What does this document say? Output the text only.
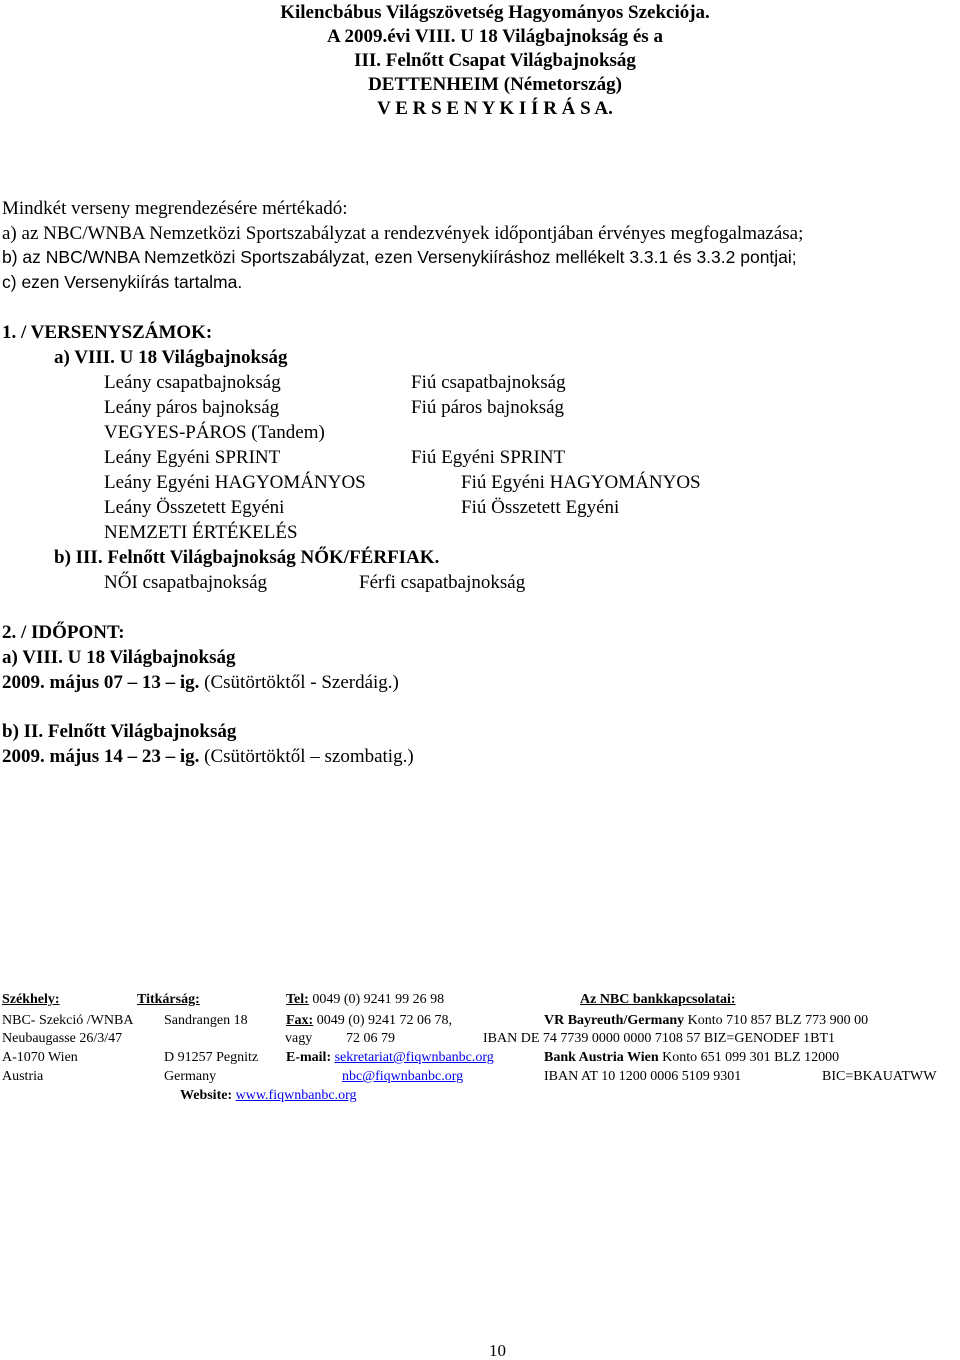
Kilencbábus Világszövetség Hagyományos Szekciója.
A 2009.évi VIII. U 18 Világbajnokság és a
III. Felnőtt Csapat Világbajnokság
DETTENHEIM (Németország)
V E R S E N Y K I Í R Á S A.
Mindkét verseny megrendezésére mértékadó:
a) az NBC/WNBA Nemzetközi Sportszabályzat a rendezvények időpontjában érvényes megfogalmazása;
b) az NBC/WNBA Nemzetközi Sportszabályzat, ezen Versenykiíráshoz mellékelt 3.3.1 és 3.3.2 pontjai;
c) ezen Versenykiírás tartalma.
1. / VERSENYSZÁMOK:
a) VIII. U 18 Világbajnokság
Leány csapatbajnokság	Fiú csapatbajnokság
Leány páros bajnokság	Fiú páros bajnokság
VEGYES-PÁROS (Tandem)
Leány Egyéni SPRINT	Fiú Egyéni SPRINT
Leány Egyéni HAGYOMÁNYOS	Fiú Egyéni HAGYOMÁNYOS
Leány Összetett Egyéni	Fiú Összetett Egyéni
NEMZETI ÉRTÉKELÉS
b) III. Felnőtt Világbajnokság NŐK/FÉRFIAK.
NŐI csapatbajnokság	Férfi csapatbajnokság
2. / IDŐPONT:
a) VIII. U 18 Világbajnokság
2009. május 07 – 13 – ig. (Csütörtöktől - Szerdáig.)
b) II. Felnőtt Világbajnokság
2009. május 14 – 23 – ig. (Csütörtöktől – szombatig.)
Székhely:
NBC- Szekció /WNBA
Neubaugasse 26/3/47
A-1070 Wien
Austria
Titkárság:
Sandrangen 18
D 91257 Pegnitz
Germany
Tel: 0049 (0) 9241 99 26 98
Fax: 0049 (0) 9241 72 06 78,
vagy 72 06 79
E-mail: sekretariat@fiqwnbanbc.org
nbc@fiqwnbanbc.org
Website: www.fiqwnbanbc.org
Az NBC bankkapcsolatai:
VR Bayreuth/Germany Konto 710 857 BLZ 773 900 00
IBAN DE 74 7739 0000 0000 7108 57 BIZ=GENODEF 1BT1
Bank Austria Wien Konto 651 099 301 BLZ 12000
IBAN AT 10 1200 0006 5109 9301	BIC=BKAUATWW
10
